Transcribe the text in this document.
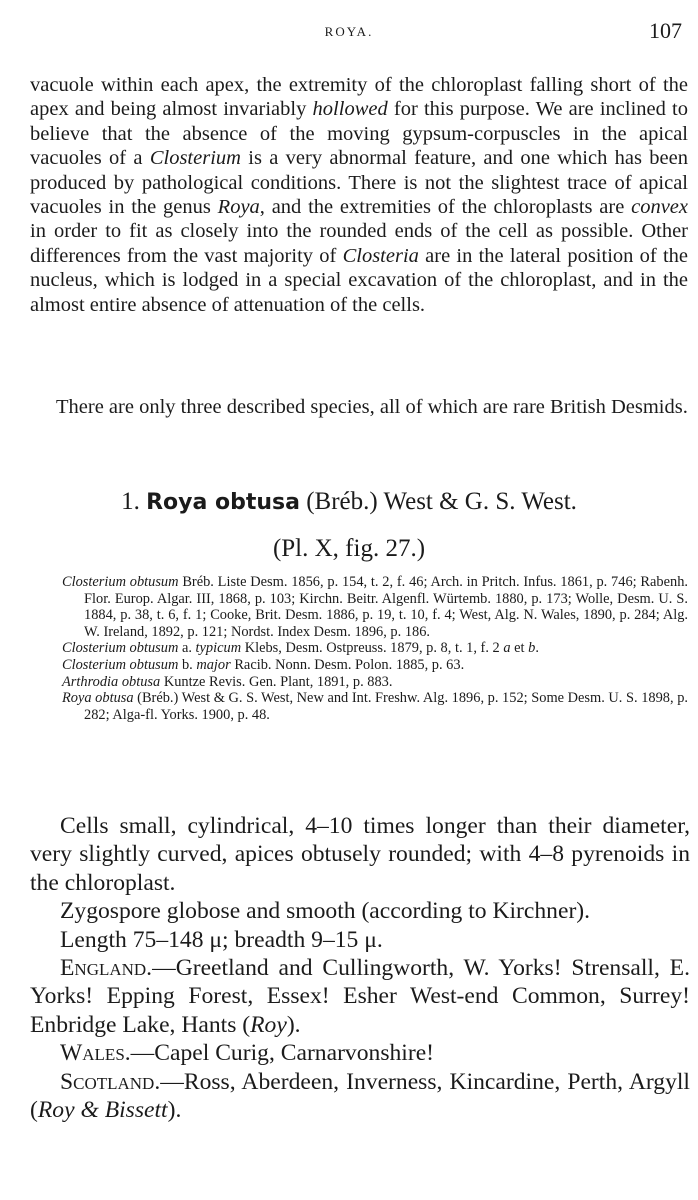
ROYA.	107

vacuole within each apex, the extremity of the chloroplast falling short of the apex and being almost invariably hollowed for this purpose. We are inclined to believe that the absence of the moving gypsum-corpuscles in the apical vacuoles of a Closterium is a very abnormal feature, and one which has been produced by pathological conditions. There is not the slightest trace of apical vacuoles in the genus Roya, and the extremities of the chloroplasts are convex in order to fit as closely into the rounded ends of the cell as possible. Other differences from the vast majority of Closteria are in the lateral position of the nucleus, which is lodged in a special excavation of the chloroplast, and in the almost entire absence of attenuation of the cells.

There are only three described species, all of which are rare British Desmids.

1. Roya obtusa (Bréb.) West & G. S. West.
(Pl. X, fig. 27.)

Closterium obtusum Bréb. Liste Desm. 1856, p. 154, t. 2, f. 46; Arch. in Pritch. Infus. 1861, p. 746; Rabenh. Flor. Europ. Algar. III, 1868, p. 103; Kirchn. Beitr. Algenfl. Würtemb. 1880, p. 173; Wolle, Desm. U. S. 1884, p. 38, t. 6, f. 1; Cooke, Brit. Desm. 1886, p. 19, t. 10, f. 4; West, Alg. N. Wales, 1890, p. 284; Alg. W. Ireland, 1892, p. 121; Nordst. Index Desm. 1896, p. 186.

Closterium obtusum a. typicum Klebs, Desm. Ostpreuss. 1879, p. 8, t. 1, f. 2 a et b.

Closterium obtusum b. major Racib. Nonn. Desm. Polon. 1885, p. 63.

Arthrodia obtusa Kuntze Revis. Gen. Plant, 1891, p. 883.

Roya obtusa (Bréb.) West & G. S. West, New and Int. Freshw. Alg. 1896, p. 152; Some Desm. U. S. 1898, p. 282; Alga-fl. Yorks. 1900, p. 48.

Cells small, cylindrical, 4–10 times longer than their diameter, very slightly curved, apices obtusely rounded; with 4–8 pyrenoids in the chloroplast.

Zygospore globose and smooth (according to Kirchner).

Length 75–148 μ; breadth 9–15 μ.

England.—Greetland and Cullingworth, W. Yorks! Strensall, E. Yorks! Epping Forest, Essex! Esher West-end Common, Surrey! Enbridge Lake, Hants (Roy).

Wales.—Capel Curig, Carnarvonshire!

Scotland.—Ross, Aberdeen, Inverness, Kincardine, Perth, Argyll (Roy & Bissett).
